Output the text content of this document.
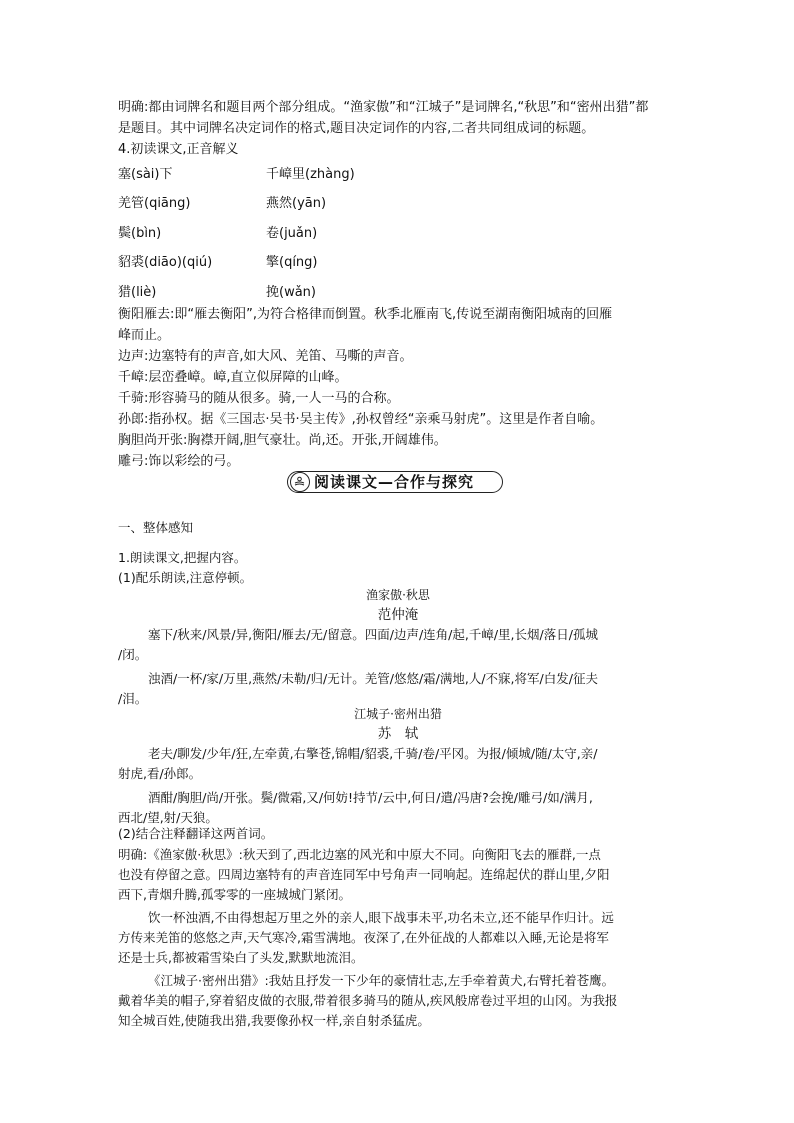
明确:都由词牌名和题目两个部分组成。“渔家傲”和“江城子”是词牌名,“秋思”和“密州出猎”都
是题目。其中词牌名决定词作的格式,题目决定词作的内容,二者共同组成词的标题。
4.初读课文,正音解义
塞(sài)下	千嶂里(zhàng)
羌管(qiāng)	燕然(yān)
鬓(bìn)	卷(juǎn)
貂裘(diāo)(qiú)	擎(qíng)
猎(liè)	挽(wǎn)
衡阳雁去:即“雁去衡阳”,为符合格律而倒置。秋季北雁南飞,传说至湖南衡阳城南的回雁
峰而止。
边声:边塞特有的声音,如大风、羌笛、马嘶的声音。
千嶂:层峦叠嶂。嶂,直立似屏障的山峰。
千骑:形容骑马的随从很多。骑,一人一马的合称。
孙郎:指孙权。据《三国志·吴书·吴主传》,孙权曾经“亲乘马射虎”。这里是作者自喻。
胸胆尚开张:胸襟开阔,胆气豪壮。尚,还。开张,开阔雄伟。
雕弓:饰以彩绘的弓。
阅读课文—合作与探究
一、整体感知
1.朗读课文,把握内容。
(1)配乐朗读,注意停顿。
渔家傲·秋思
范仲淹
塞下/秋来/风景/异,衡阳/雁去/无/留意。四面/边声/连角/起,千嶂/里,长烟/落日/孤城
/闭。
浊酒/一杯/家/万里,燕然/未勒/归/无计。羌管/悠悠/霜/满地,人/不寐,将军/白发/征夫
/泪。
江城子·密州出猎
苏　轼
老夫/聊发/少年/狂,左牵黄,右擎苍,锦帽/貂裘,千骑/卷/平冈。为报/倾城/随/太守,亲/
射虎,看/孙郎。
酒酣/胸胆/尚/开张。鬓/微霜,又/何妨!持节/云中,何日/遣/冯唐?会挽/雕弓/如/满月,
西北/望,射/天狼。
(2)结合注释翻译这两首词。
明确:《渔家傲·秋思》:秋天到了,西北边塞的风光和中原大不同。向衡阳飞去的雁群,一点
也没有停留之意。四周边塞特有的声音连同军中号角声一同响起。连绵起伏的群山里,夕阳
西下,青烟升腾,孤零零的一座城城门紧闭。
饮一杯浊酒,不由得想起万里之外的亲人,眼下战事未平,功名未立,还不能早作归计。远
方传来羌笛的悠悠之声,天气寒冷,霜雪满地。夜深了,在外征战的人都难以入睡,无论是将军
还是士兵,都被霜雪染白了头发,默默地流泪。
《江城子·密州出猎》:我姑且抒发一下少年的豪情壮志,左手牵着黄犬,右臂托着苍鹰。
戴着华美的帽子,穿着貂皮做的衣服,带着很多骑马的随从,疾风般席卷过平坦的山冈。为我报
知全城百姓,使随我出猎,我要像孙权一样,亲自射杀猛虎。
